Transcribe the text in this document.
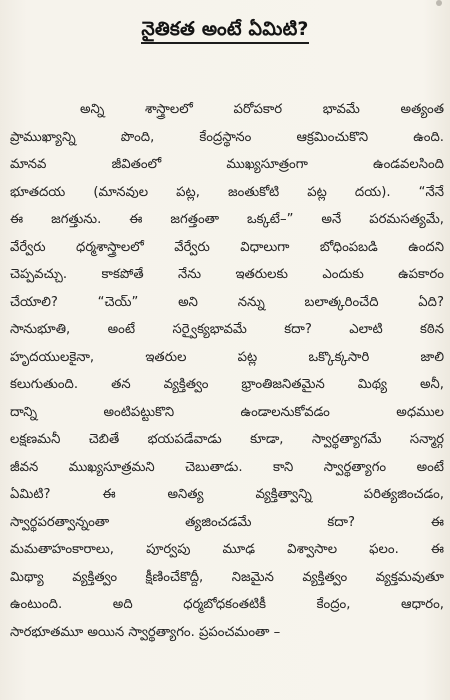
నైతికత అంటే ఏమిటి?
అన్ని శాస్త్రాలలో పరోపకార భావమే అత్యంత
ప్రాముఖ్యాన్ని పొంది, కేంద్రస్థానం ఆక్రమించుకొని ఉంది.
మానవ జీవితంలో ముఖ్యసూత్రంగా ఉండవలసింది
భూతదయ (మానవుల పట్ల, జంతుకోటి పట్ల దయ). “నేనే
ఈ జగత్తును. ఈ జగత్తంతా ఒక్కటే–” అనే పరమసత్యమే,
వేర్వేరు ధర్మశాస్త్రాలలో వేర్వేరు విధాలుగా బోధింపబడి ఉందని
చెప్పవచ్చు. కాకపోతే నేను ఇతరులకు ఎందుకు ఉపకారం
చేయాలి? “చెయ్” అని నన్ను బలాత్కరించేది ఏది?
సానుభూతి, అంటే సర్వైక్యభావమే కదా? ఎలాటి కఠిన
హృదయులకైనా, ఇతరుల పట్ల ఒక్కొక్కసారి జాలి
కలుగుతుంది. తన వ్యక్తిత్వం భ్రాంతిజనితమైన మిథ్య అనీ,
దాన్ని అంటిపట్టుకొని ఉండాలనుకోవడం అధముల
లక్షణమనీ చెబితే భయపడేవాడు కూడా, స్వార్థత్యాగమే సన్మార్గ
జీవన ముఖ్యసూత్రమని చెబుతాడు. కాని స్వార్థత్యాగం అంటే
ఏమిటి? ఈ అనిత్య వ్యక్తిత్వాన్ని పరిత్యజించడం,
స్వార్థపరత్వాన్నంతా త్యజించడమే కదా? ఈ
మమతాహంకారాలు, పూర్వపు మూఢ విశ్వాసాల ఫలం. ఈ
మిథ్యా వ్యక్తిత్వం క్షీణించేకొద్దీ, నిజమైన వ్యక్తిత్వం వ్యక్తమవుతూ
ఉంటుంది. అది ధర్మబోధకంతటికీ కేంద్రం, ఆధారం,
సారభూతమూ అయిన స్వార్థత్యాగం. ప్రపంచమంతా –
